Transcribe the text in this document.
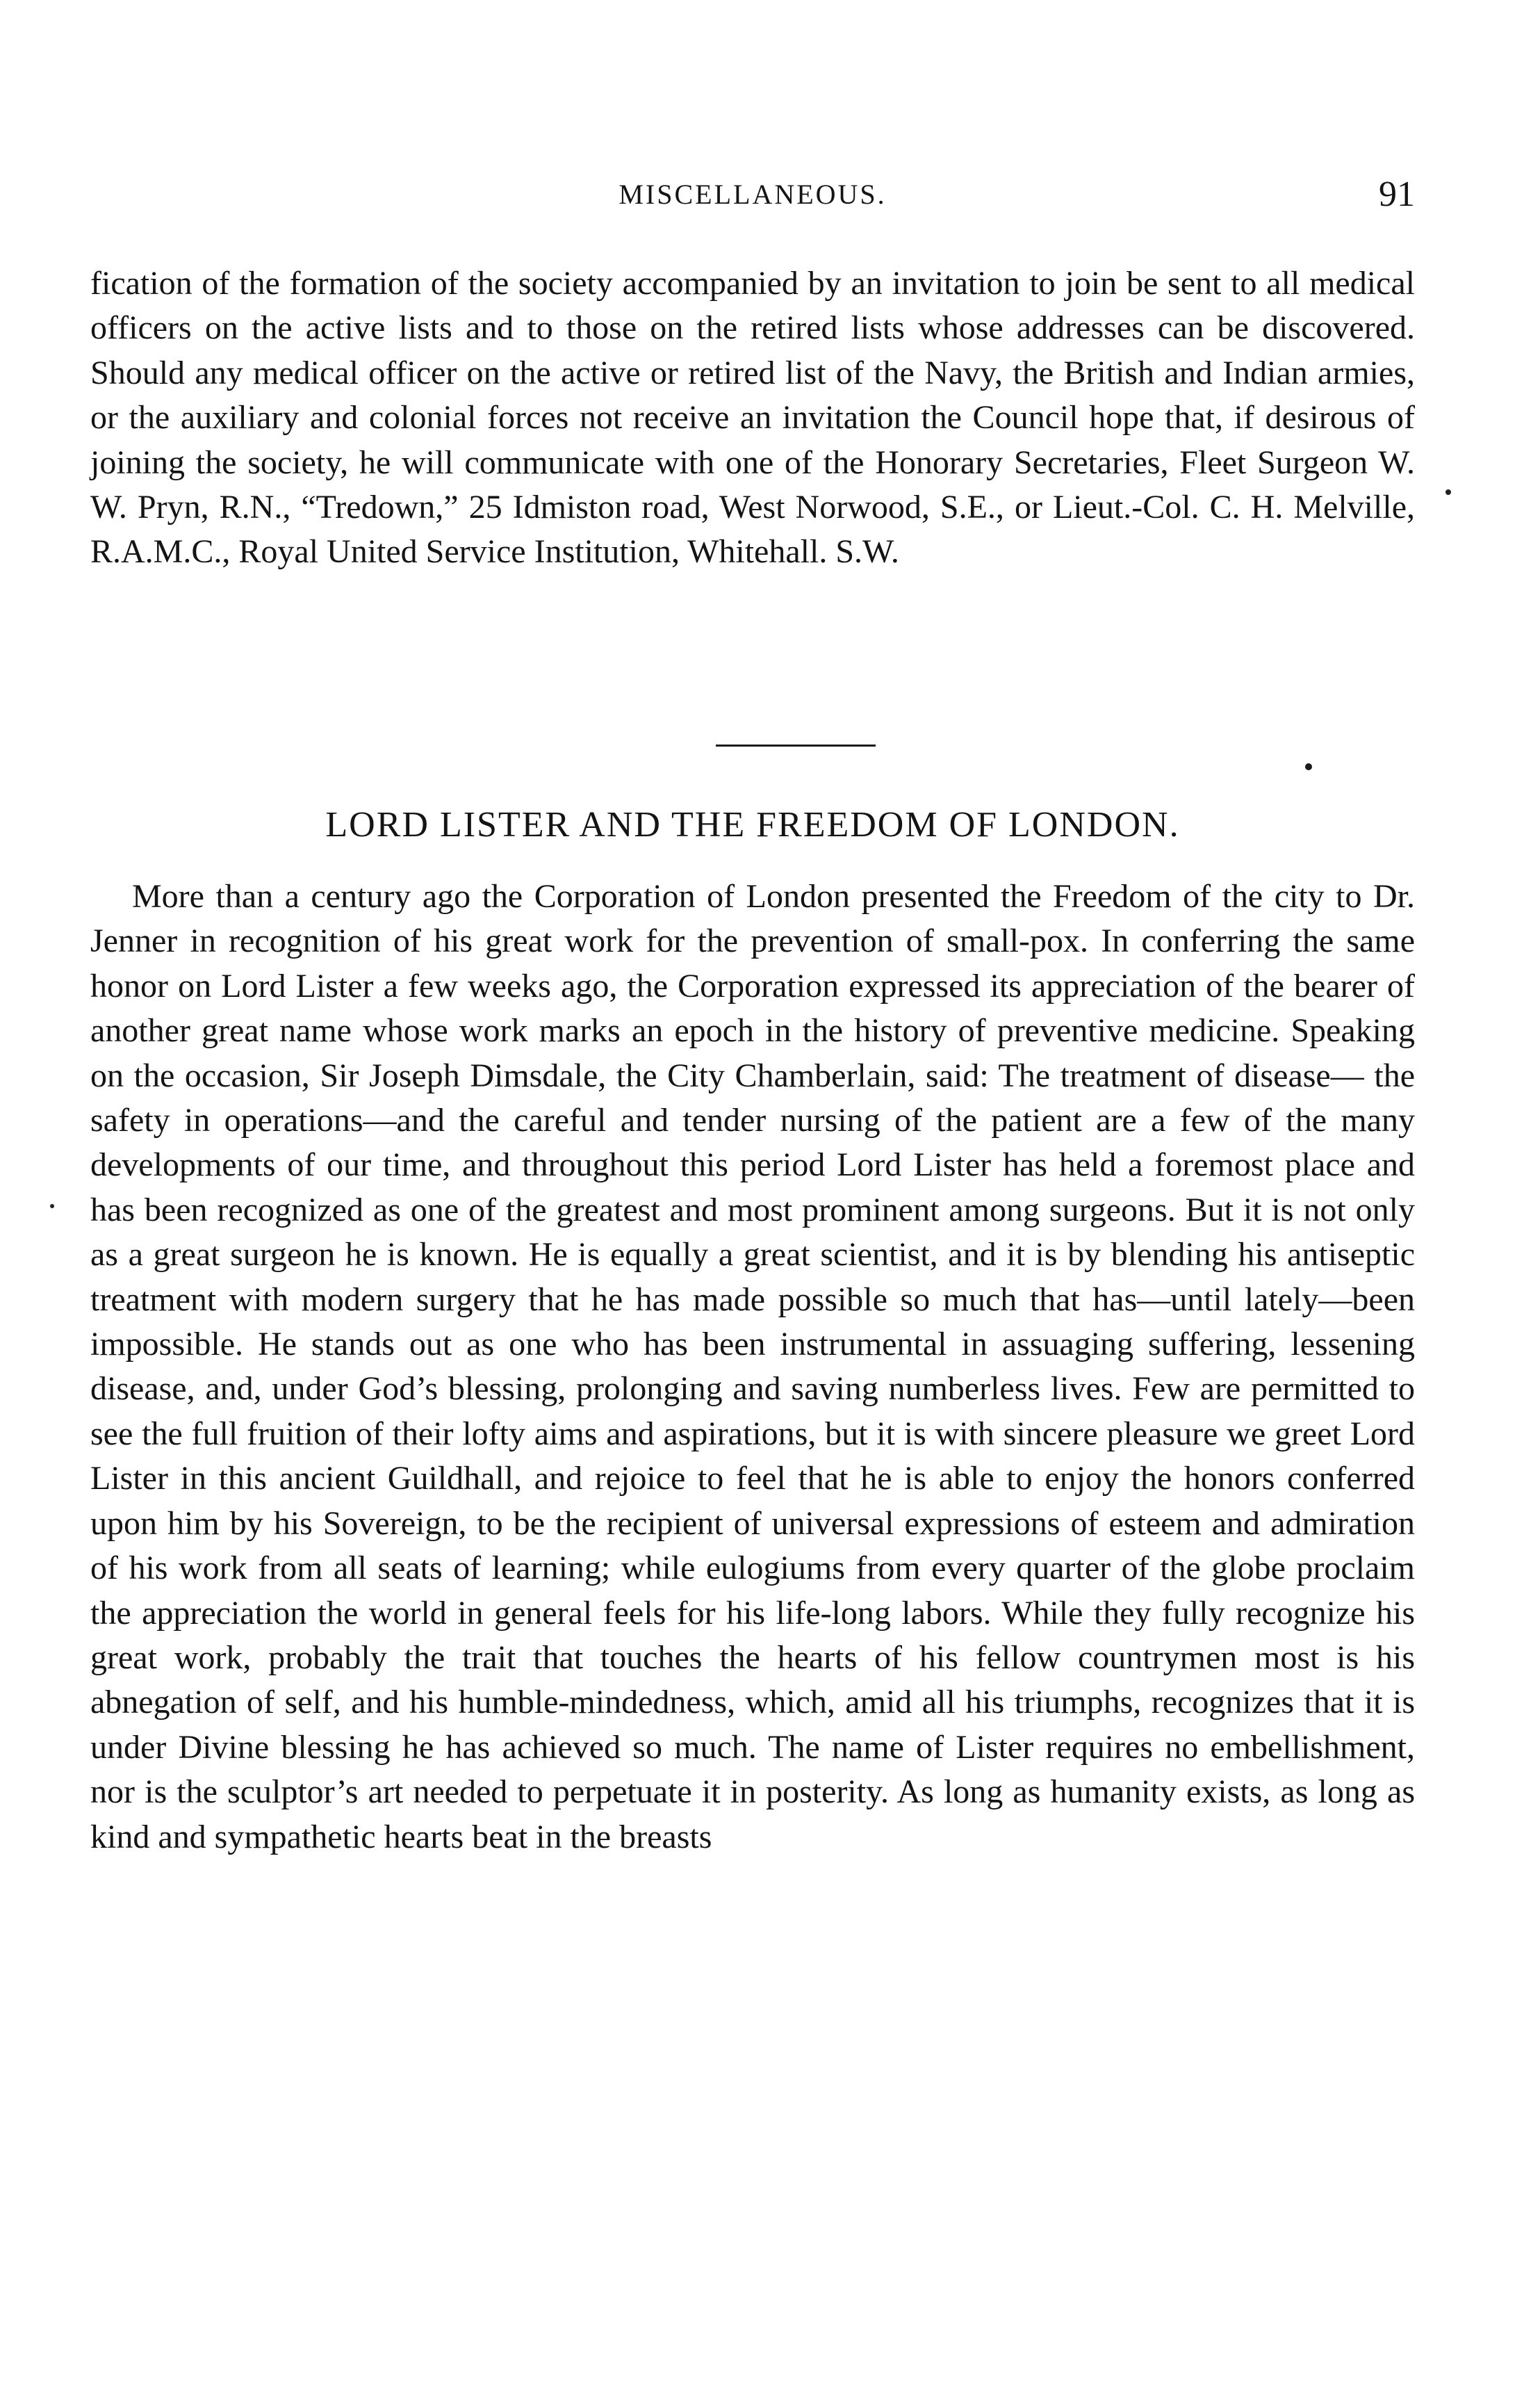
MISCELLANEOUS.	91

fication of the formation of the society accompanied by an invitation to join be sent to all medical officers on the active lists and to those on the retired lists whose addresses can be discovered. Should any medical officer on the active or retired list of the Navy, the British and Indian armies, or the auxiliary and colonial forces not receive an invitation the Council hope that, if desirous of joining the society, he will communicate with one of the Honorary Secretaries, Fleet Surgeon W. W. Pryn, R.N., “Tredown,” 25 Idmiston road, West Norwood, S.E., or Lieut.-Col. C. H. Melville, R.A.M.C., Royal United Service Institution, Whitehall. S.W.

LORD LISTER AND THE FREEDOM OF LONDON.

More than a century ago the Corporation of London presented the Freedom of the city to Dr. Jenner in recognition of his great work for the prevention of small-pox. In conferring the same honor on Lord Lister a few weeks ago, the Corporation expressed its appreciation of the bearer of another great name whose work marks an epoch in the history of preventive medicine. Speaking on the occasion, Sir Joseph Dimsdale, the City Chamberlain, said: The treatment of disease— the safety in operations—and the careful and tender nursing of the patient are a few of the many developments of our time, and throughout this period Lord Lister has held a foremost place and has been recognized as one of the greatest and most prominent among surgeons. But it is not only as a great surgeon he is known. He is equally a great scientist, and it is by blending his antiseptic treatment with modern surgery that he has made possible so much that has—until lately—been impossible. He stands out as one who has been instrumental in assuaging suffering, lessening disease, and, under God’s blessing, prolonging and saving numberless lives. Few are permitted to see the full fruition of their lofty aims and aspirations, but it is with sincere pleasure we greet Lord Lister in this ancient Guildhall, and rejoice to feel that he is able to enjoy the honors conferred upon him by his Sovereign, to be the recipient of universal expressions of esteem and admiration of his work from all seats of learning; while eulogiums from every quarter of the globe proclaim the appreciation the world in general feels for his life-long labors. While they fully recognize his great work, probably the trait that touches the hearts of his fellow countrymen most is his abnegation of self, and his humble-mindedness, which, amid all his triumphs, recognizes that it is under Divine blessing he has achieved so much. The name of Lister requires no embellishment, nor is the sculptor’s art needed to perpetuate it in posterity. As long as humanity exists, as long as kind and sympathetic hearts beat in the breasts
